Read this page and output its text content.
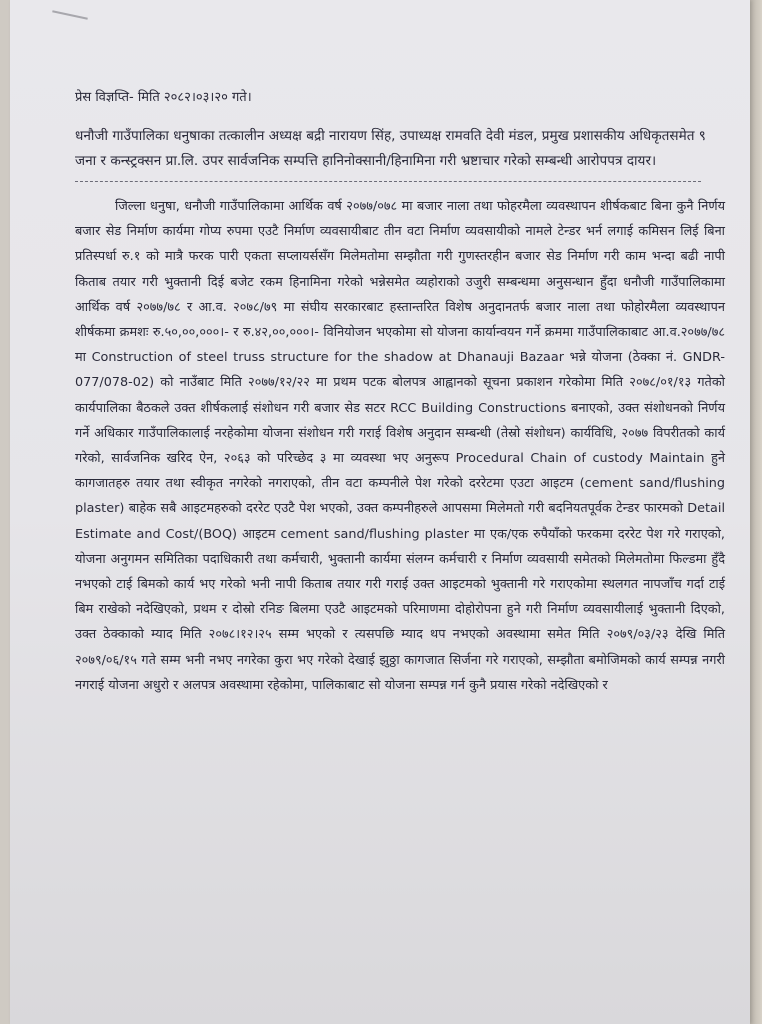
प्रेस विज्ञप्ति- मिति २०८२।०३।२० गते।

धनौजी गाउँपालिका धनुषाका तत्कालीन अध्यक्ष बद्री नारायण सिंह, उपाध्यक्ष रामवति देवी मंडल, प्रमुख प्रशासकीय अधिकृतसमेत ९ जना र कन्स्ट्रक्सन प्रा.लि. उपर सार्वजनिक सम्पत्ति हानिनोक्सानी/हिनामिना गरी भ्रष्टाचार गरेको सम्बन्धी आरोपपत्र दायर।

जिल्ला धनुषा, धनौजी गाउँपालिकामा आर्थिक वर्ष २०७७/०७८ मा बजार नाला तथा फोहरमैला व्यवस्थापन शीर्षकबाट बिना कुनै निर्णय बजार सेड निर्माण कार्यमा गोप्य रुपमा एउटै निर्माण व्यवसायीबाट तीन वटा निर्माण व्यवसायीको नामले टेन्डर भर्न लगाई कमिसन लिई बिना प्रतिस्पर्धा रु.१ को मात्रै फरक पारी एकता सप्लायर्ससँग मिलेमतोमा सम्झौता गरी गुणस्तरहीन बजार सेड निर्माण गरी काम भन्दा बढी नापी किताब तयार गरी भुक्तानी दिई बजेट रकम हिनामिना गरेको भन्नेसमेत व्यहोराको उजुरी सम्बन्धमा अनुसन्धान हुँदा धनौजी गाउँपालिकामा आर्थिक वर्ष २०७७/७८ र आ.व. २०७८/७९ मा संघीय सरकारबाट हस्तान्तरित विशेष अनुदानतर्फ बजार नाला तथा फोहोरमैला व्यवस्थापन शीर्षकमा क्रमशः रु.५०,००,०००।- र रु.४२,००,०००।- विनियोजन भएकोमा सो योजना कार्यान्वयन गर्ने क्रममा गाउँपालिकाबाट आ.व.२०७७/७८ मा Construction of steel truss structure for the shadow at Dhanauji Bazaar भन्ने योजना (ठेक्का नं. GNDR-077/078-02) को नाउँबाट मिति २०७७/१२/२२ मा प्रथम पटक बोलपत्र आह्वानको सूचना प्रकाशन गरेकोमा मिति २०७८/०१/१३ गतेको कार्यपालिका बैठकले उक्त शीर्षकलाई संशोधन गरी बजार सेड सटर RCC Building Constructions बनाएको, उक्त संशोधनको निर्णय गर्ने अधिकार गाउँपालिकालाई नरहेकोमा योजना संशोधन गरी गराई विशेष अनुदान सम्बन्धी (तेस्रो संशोधन) कार्यविधि, २०७७ विपरीतको कार्य गरेको, सार्वजनिक खरिद ऐन, २०६३ को परिच्छेद ३ मा व्यवस्था भए अनुरूप Procedural Chain of custody Maintain हुने कागजातहरु तयार तथा स्वीकृत नगरेको नगराएको, तीन वटा कम्पनीले पेश गरेको दररेटमा एउटा आइटम (cement sand/flushing plaster) बाहेक सबै आइटमहरुको दररेट एउटै पेश भएको, उक्त कम्पनीहरुले आपसमा मिलेमतो गरी बदनियतपूर्वक टेन्डर फारमको Detail Estimate and Cost/(BOQ) आइटम cement sand/flushing plaster मा एक/एक रुपैयाँको फरकमा दररेट पेश गरे गराएको, योजना अनुगमन समितिका पदाधिकारी तथा कर्मचारी, भुक्तानी कार्यमा संलग्न कर्मचारी र निर्माण व्यवसायी समेतको मिलेमतोमा फिल्डमा हुँदै नभएको टाई बिमको कार्य भए गरेको भनी नापी किताब तयार गरी गराई उक्त आइटमको भुक्तानी गरे गराएकोमा स्थलगत नापजाँच गर्दा टाई बिम राखेको नदेखिएको, प्रथम र दोस्रो रनिङ बिलमा एउटै आइटमको परिमाणमा दोहोरोपना हुने गरी निर्माण व्यवसायीलाई भुक्तानी दिएको, उक्त ठेक्काको म्याद मिति २०७८।१२।२५ सम्म भएको र त्यसपछि म्याद थप नभएको अवस्थामा समेत मिति २०७९/०३/२३ देखि मिति २०७९/०६/१५ गते सम्म भनी नभए नगरेका कुरा भए गरेको देखाई झुठ्ठा कागजात सिर्जना गरे गराएको, सम्झौता बमोजिमको कार्य सम्पन्न नगरी नगराई योजना अधुरो र अलपत्र अवस्थामा रहेकोमा, पालिकाबाट सो योजना सम्पन्न गर्न कुनै प्रयास गरेको नदेखिएको र
